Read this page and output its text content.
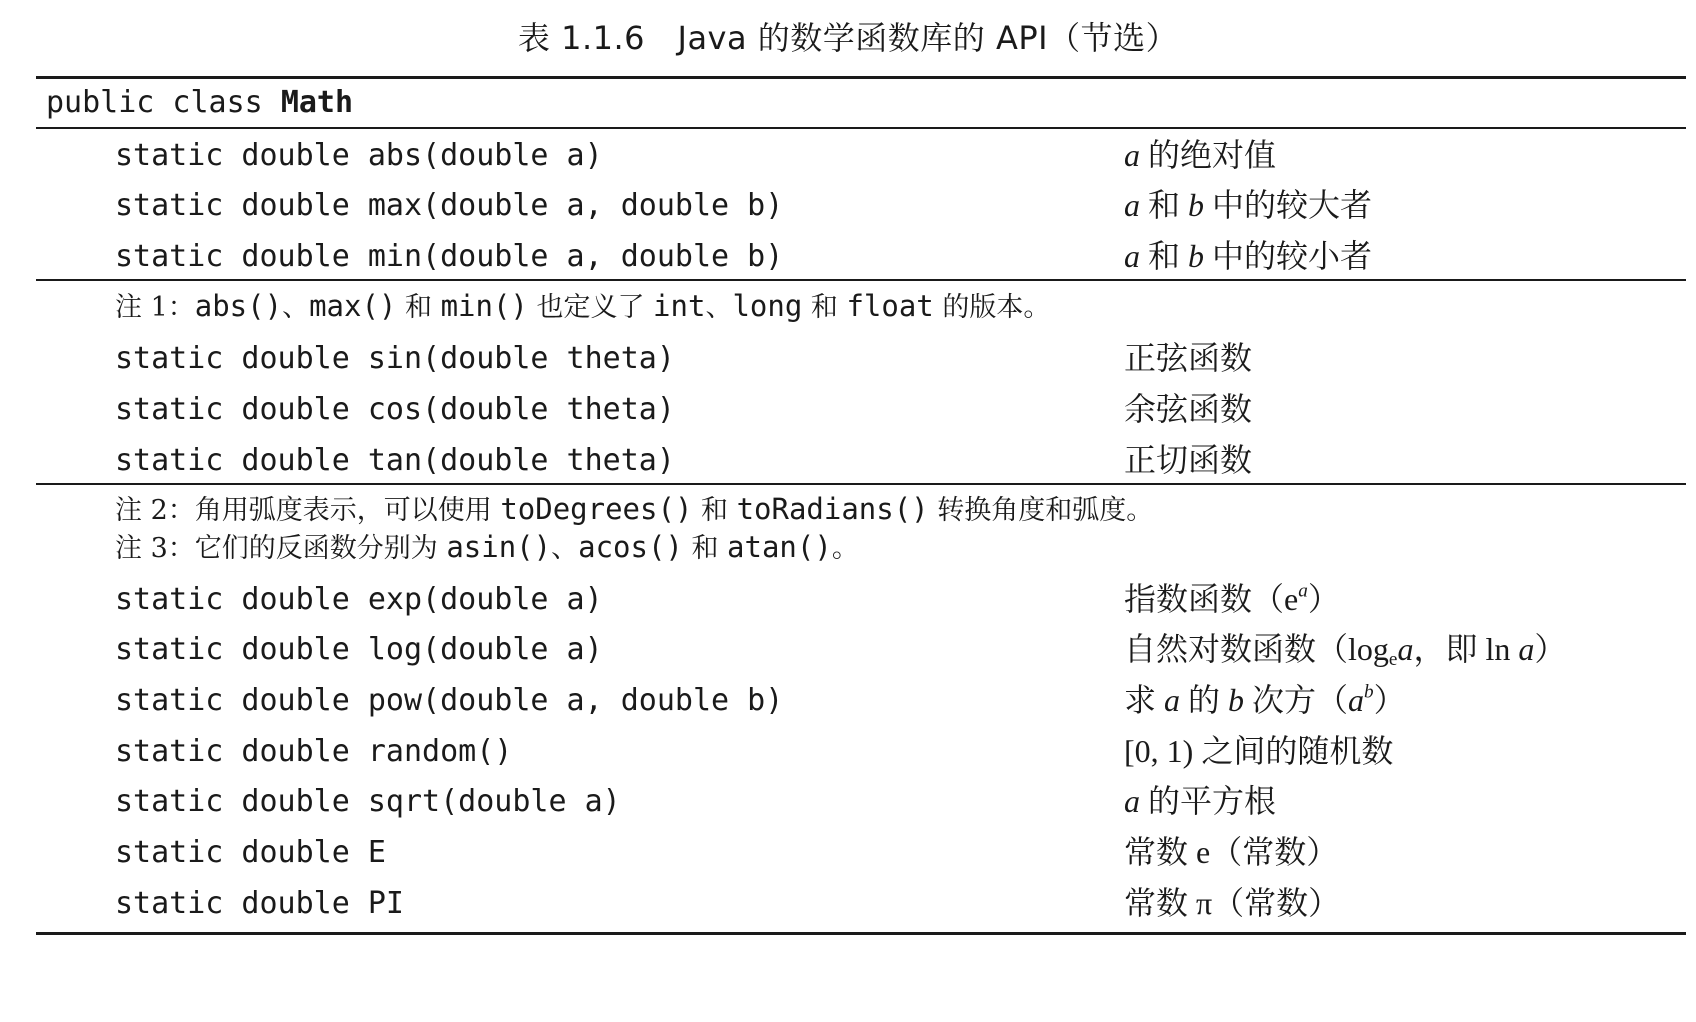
表 1.1.6　Java 的数学函数库的 API（节选）
public class Math
static double abs(double a)	a 的绝对值
static double max(double a, double b)	a 和 b 中的较大者
static double min(double a, double b)	a 和 b 中的较小者
注 1：abs()、max() 和 min() 也定义了 int、long 和 float 的版本。
static double sin(double theta)	正弦函数
static double cos(double theta)	余弦函数
static double tan(double theta)	正切函数
注 2：角用弧度表示，可以使用 toDegrees() 和 toRadians() 转换角度和弧度。
注 3：它们的反函数分别为 asin()、acos() 和 atan()。
static double exp(double a)	指数函数$(e^a)$
static double log(double a)	自然对数函数（$\log_ea$，即 ln a）
static double pow(double a, double b)	求 a 的 b 次方$(a^b)$
static double random()	[0, 1) 之间的随机数
static double sqrt(double a)	a 的平方根
static double E	常数 e（常数）
static double PI	常数 π（常数）
